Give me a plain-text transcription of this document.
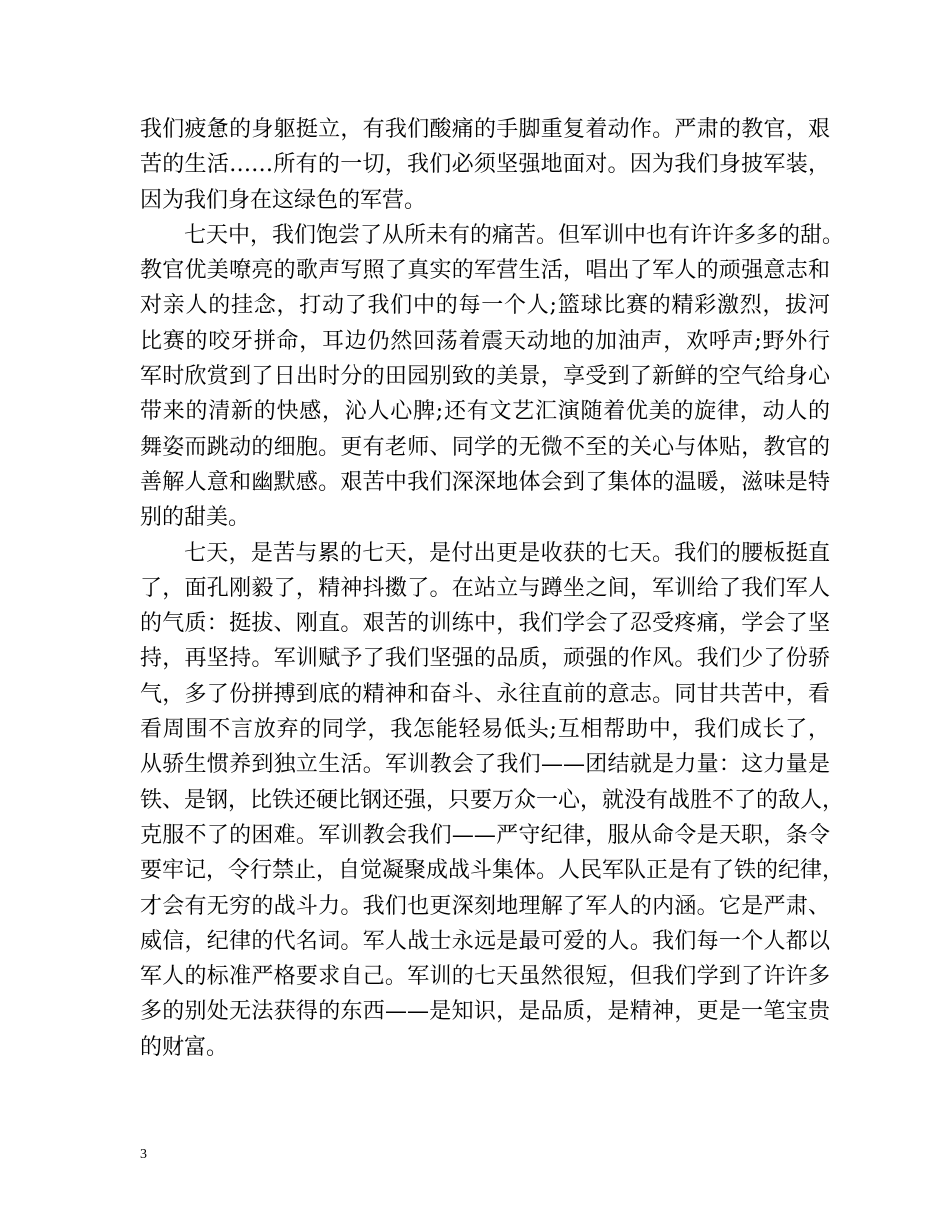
我们疲惫的身躯挺立，有我们酸痛的手脚重复着动作。严肃的教官，艰
苦的生活……所有的一切，我们必须坚强地面对。因为我们身披军装，
因为我们身在这绿色的军营。
七天中，我们饱尝了从所未有的痛苦。但军训中也有许许多多的甜。
教官优美嘹亮的歌声写照了真实的军营生活，唱出了军人的顽强意志和
对亲人的挂念，打动了我们中的每一个人;篮球比赛的精彩激烈，拔河
比赛的咬牙拼命，耳边仍然回荡着震天动地的加油声，欢呼声;野外行
军时欣赏到了日出时分的田园别致的美景，享受到了新鲜的空气给身心
带来的清新的快感，沁人心脾;还有文艺汇演随着优美的旋律，动人的
舞姿而跳动的细胞。更有老师、同学的无微不至的关心与体贴，教官的
善解人意和幽默感。艰苦中我们深深地体会到了集体的温暖，滋味是特
别的甜美。
七天，是苦与累的七天，是付出更是收获的七天。我们的腰板挺直
了，面孔刚毅了，精神抖擞了。在站立与蹲坐之间，军训给了我们军人
的气质：挺拔、刚直。艰苦的训练中，我们学会了忍受疼痛，学会了坚
持，再坚持。军训赋予了我们坚强的品质，顽强的作风。我们少了份骄
气，多了份拼搏到底的精神和奋斗、永往直前的意志。同甘共苦中，看
看周围不言放弃的同学，我怎能轻易低头;互相帮助中，我们成长了，
从骄生惯养到独立生活。军训教会了我们——团结就是力量：这力量是
铁、是钢，比铁还硬比钢还强，只要万众一心，就没有战胜不了的敌人，
克服不了的困难。军训教会我们——严守纪律，服从命令是天职，条令
要牢记，令行禁止，自觉凝聚成战斗集体。人民军队正是有了铁的纪律，
才会有无穷的战斗力。我们也更深刻地理解了军人的内涵。它是严肃、
威信，纪律的代名词。军人战士永远是最可爱的人。我们每一个人都以
军人的标准严格要求自己。军训的七天虽然很短，但我们学到了许许多
多的别处无法获得的东西——是知识，是品质，是精神，更是一笔宝贵
的财富。
3
